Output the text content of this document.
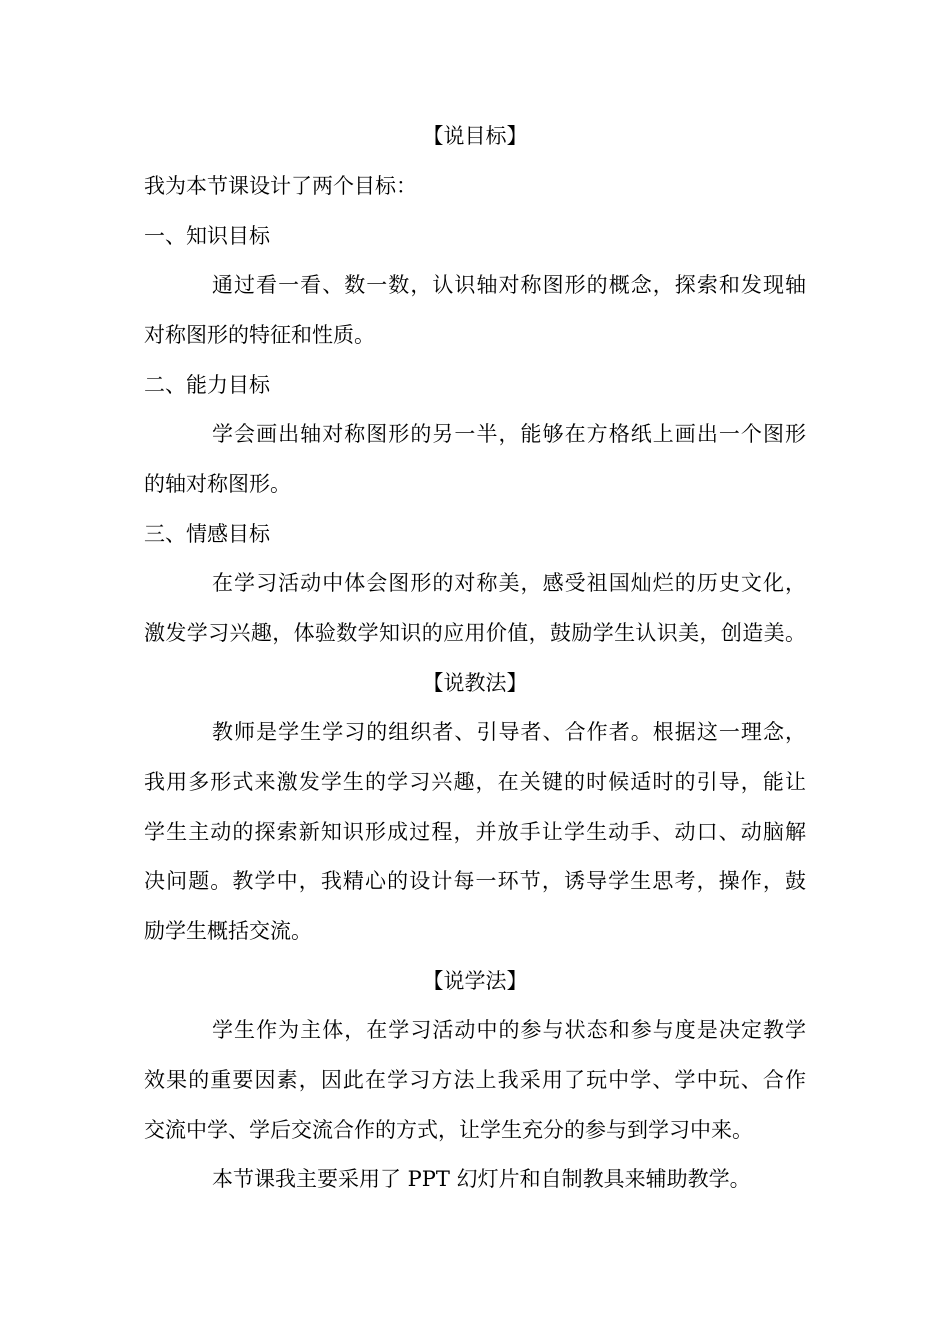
【说目标】
我为本节课设计了两个目标：
一、知识目标
通过看一看、数一数，认识轴对称图形的概念，探索和发现轴
对称图形的特征和性质。
二、能力目标
学会画出轴对称图形的另一半，能够在方格纸上画出一个图形
的轴对称图形。
三、情感目标
在学习活动中体会图形的对称美，感受祖国灿烂的历史文化，
激发学习兴趣，体验数学知识的应用价值，鼓励学生认识美，创造美。
【说教法】
教师是学生学习的组织者、引导者、合作者。根据这一理念，
我用多形式来激发学生的学习兴趣，在关键的时候适时的引导，能让
学生主动的探索新知识形成过程，并放手让学生动手、动口、动脑解
决问题。教学中，我精心的设计每一环节，诱导学生思考，操作，鼓
励学生概括交流。
【说学法】
学生作为主体，在学习活动中的参与状态和参与度是决定教学
效果的重要因素，因此在学习方法上我采用了玩中学、学中玩、合作
交流中学、学后交流合作的方式，让学生充分的参与到学习中来。
本节课我主要采用了 PPT 幻灯片和自制教具来辅助教学。
